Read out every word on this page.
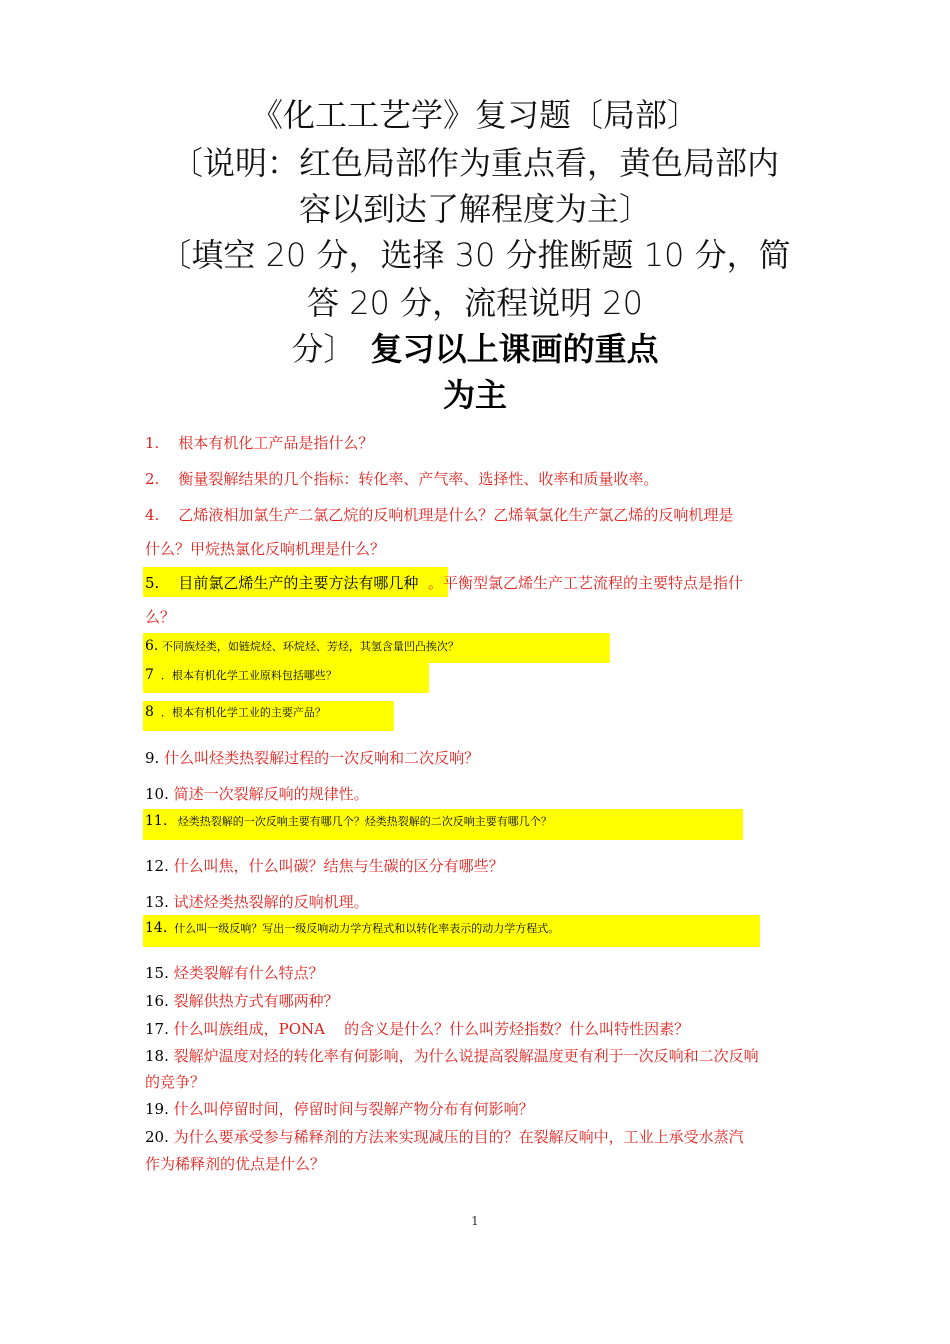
《化工工艺学》复习题〔局部〕
〔说明：红色局部作为重点看，黄色局部内
容以到达了解程度为主〕
〔填空 20 分，选择 30 分推断题 10 分，简
答 20 分，流程说明 20
分〕 复习以上课画的重点
为主
1. 根本有机化工产品是指什么？
2. 衡量裂解结果的几个指标：转化率、产气率、选择性、收率和质量收率。
4. 乙烯液相加氯生产二氯乙烷的反响机理是什么？乙烯氧氯化生产氯乙烯的反响机理是
什么？甲烷热氯化反响机理是什么？
5. 目前氯乙烯生产的主要方法有哪几种 。平衡型氯乙烯生产工艺流程的主要特点是指什
么？
6. 不同族烃类，如链烷烃、环烷烃、芳烃，其氢含量凹凸挨次？
7 ．根本有机化学工业原料包括哪些？
8 ．根本有机化学工业的主要产品？
9. 什么叫烃类热裂解过程的一次反响和二次反响？
10. 简述一次裂解反响的规律性。
11. 烃类热裂解的一次反响主要有哪几个？烃类热裂解的二次反响主要有哪几个？
12. 什么叫焦，什么叫碳？结焦与生碳的区分有哪些？
13. 试述烃类热裂解的反响机理。
14. 什么叫一级反响？写出一级反响动力学方程式和以转化率表示的动力学方程式。
15. 烃类裂解有什么特点？
16. 裂解供热方式有哪两种？
17. 什么叫族组成，PONA 的含义是什么？什么叫芳烃指数？什么叫特性因素？
18. 裂解炉温度对烃的转化率有何影响，为什么说提高裂解温度更有利于一次反响和二次反响
的竞争？
19. 什么叫停留时间，停留时间与裂解产物分布有何影响？
20. 为什么要承受参与稀释剂的方法来实现减压的目的？在裂解反响中，工业上承受水蒸汽
作为稀释剂的优点是什么？
1
